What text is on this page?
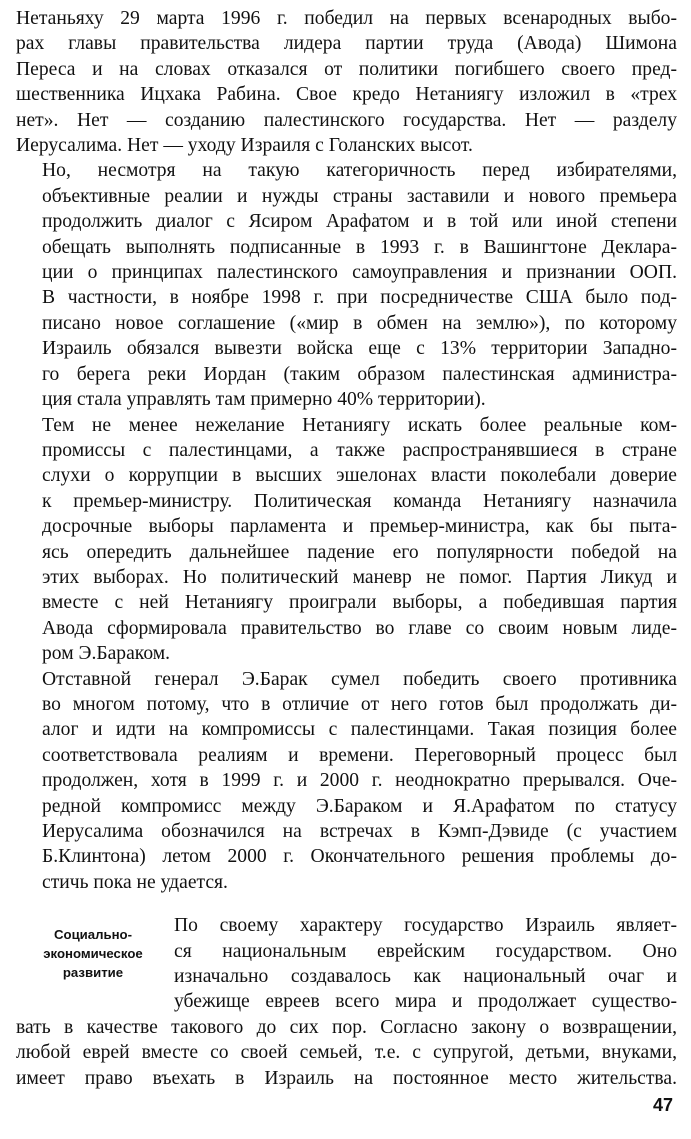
Нетаньяху 29 марта 1996 г. победил на первых всенародных выбо-
рах главы правительства лидера партии труда (Авода) Шимона
Переса и на словах отказался от политики погибшего своего пред-
шественника Ицхака Рабина. Свое кредо Нетаниягу изложил в «трех
нет». Нет — созданию палестинского государства. Нет — разделу
Иерусалима. Нет — уходу Израиля с Голанских высот.
Но, несмотря на такую категоричность перед избирателями,
объективные реалии и нужды страны заставили и нового премьера
продолжить диалог с Ясиром Арафатом и в той или иной степени
обещать выполнять подписанные в 1993 г. в Вашингтоне Деклара-
ции о принципах палестинского самоуправления и признании ООП.
В частности, в ноябре 1998 г. при посредничестве США было под-
писано новое соглашение («мир в обмен на землю»), по которому
Израиль обязался вывезти войска еще с 13% территории Западно-
го берега реки Иордан (таким образом палестинская администра-
ция стала управлять там примерно 40% территории).
Тем не менее нежелание Нетаниягу искать более реальные ком-
промиссы с палестинцами, а также распространявшиеся в стране
слухи о коррупции в высших эшелонах власти поколебали доверие
к премьер-министру. Политическая команда Нетаниягу назначила
досрочные выборы парламента и премьер-министра, как бы пыта-
ясь опередить дальнейшее падение его популярности победой на
этих выборах. Но политический маневр не помог. Партия Ликуд и
вместе с ней Нетаниягу проиграли выборы, а победившая партия
Авода сформировала правительство во главе со своим новым лиде-
ром Э.Бараком.
Отставной генерал Э.Барак сумел победить своего противника
во многом потому, что в отличие от него готов был продолжать ди-
алог и идти на компромиссы с палестинцами. Такая позиция более
соответствовала реалиям и времени. Переговорный процесс был
продолжен, хотя в 1999 г. и 2000 г. неоднократно прерывался. Оче-
редной компромисс между Э.Бараком и Я.Арафатом по статусу
Иерусалима обозначился на встречах в Кэмп-Дэвиде (с участием
Б.Клинтона) летом 2000 г. Окончательного решения проблемы до-
стичь пока не удается.
Социально-
экономическое
развитие
По своему характеру государство Израиль являет-
ся национальным еврейским государством. Оно
изначально создавалось как национальный очаг и
убежище евреев всего мира и продолжает существо-
вать в качестве такового до сих пор. Согласно закону о возвращении,
любой еврей вместе со своей семьей, т.е. с супругой, детьми, внуками,
имеет право въехать в Израиль на постоянное место жительства.
47
